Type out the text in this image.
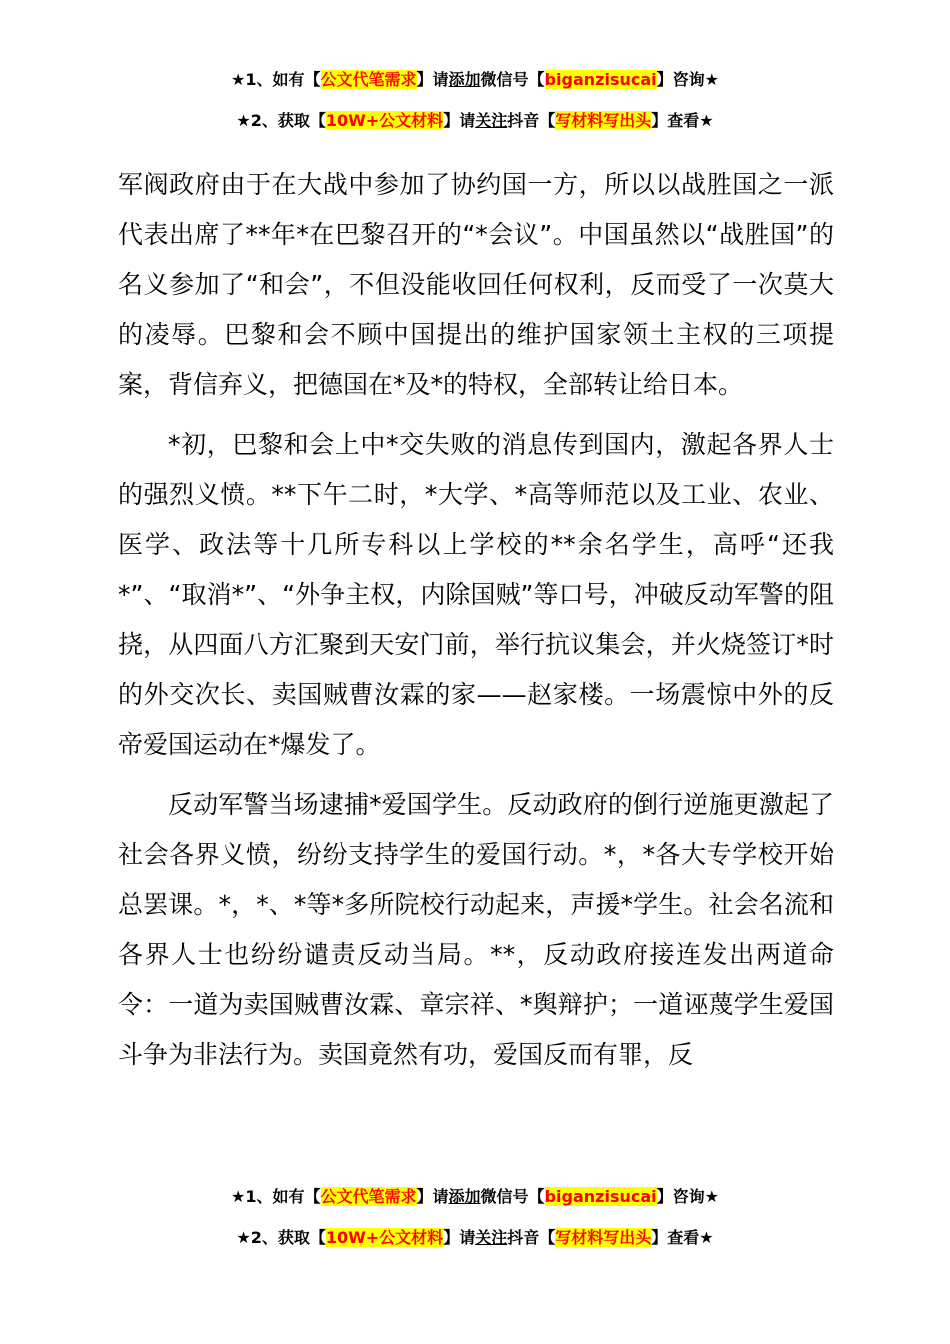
★1、如有【公文代笔需求】请添加微信号【biganzisucai】咨询★
★2、获取【10W+公文材料】请关注抖音【写材料写出头】查看★

军阀政府由于在大战中参加了协约国一方，所以以战胜国之一派代表出席了**年*在巴黎召开的“*会议”。中国虽然以“战胜国”的名义参加了“和会”，不但没能收回任何权利，反而受了一次莫大的凌辱。巴黎和会不顾中国提出的维护国家领土主权的三项提案，背信弃义，把德国在*及*的特权，全部转让给日本。

*初，巴黎和会上中*交失败的消息传到国内，激起各界人士的强烈义愤。**下午二时，*大学、*高等师范以及工业、农业、医学、政法等十几所专科以上学校的**余名学生，高呼“还我*”、“取消*”、“外争主权，内除国贼”等口号，冲破反动军警的阻挠，从四面八方汇聚到天安门前，举行抗议集会，并火烧签订*时的外交次长、卖国贼曹汝霖的家——赵家楼。一场震惊中外的反帝爱国运动在*爆发了。

反动军警当场逮捕*爱国学生。反动政府的倒行逆施更激起了社会各界义愤，纷纷支持学生的爱国行动。*，*各大专学校开始总罢课。*，*、*等*多所院校行动起来，声援*学生。社会名流和各界人士也纷纷谴责反动当局。**，反动政府接连发出两道命令：一道为卖国贼曹汝霖、章宗祥、*舆辩护；一道诬蔑学生爱国斗争为非法行为。卖国竟然有功，爱国反而有罪，反

★1、如有【公文代笔需求】请添加微信号【biganzisucai】咨询★
★2、获取【10W+公文材料】请关注抖音【写材料写出头】查看★
